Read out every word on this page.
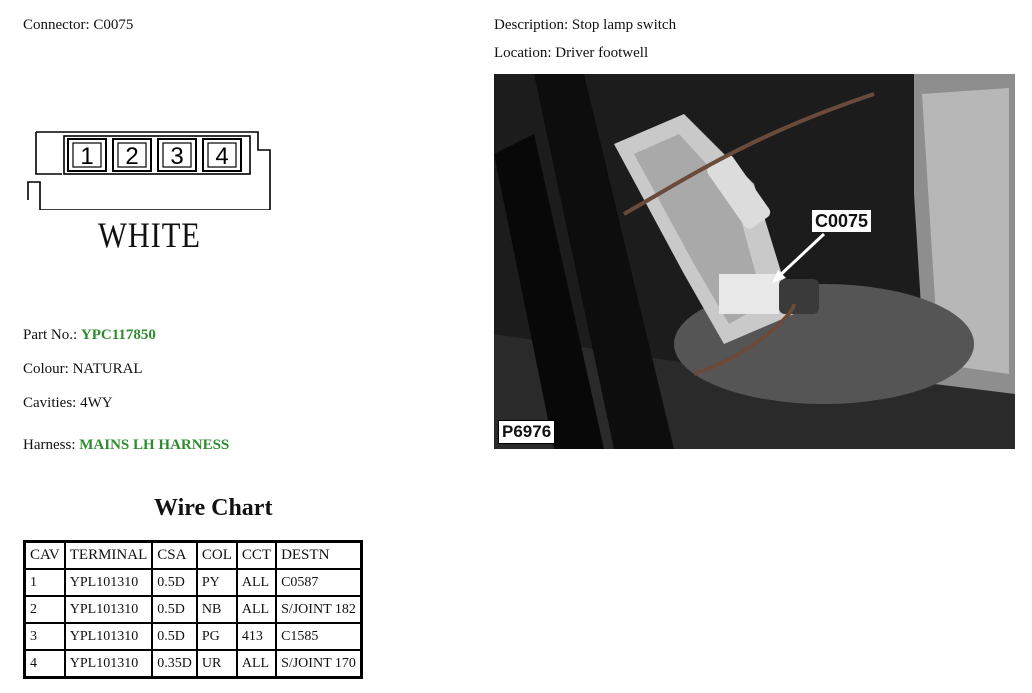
Connector: C0075	Description: Stop lamp switch
Location: Driver footwell
1 2 3 4
WHITE
Part No.: YPC117850
Colour: NATURAL
Cavities: 4WY
Harness: MAINS LH HARNESS
C0075
P6976
Wire Chart
CAV	TERMINAL	CSA	COL	CCT	DESTN
1	YPL101310	0.5D	PY	ALL	C0587
2	YPL101310	0.5D	NB	ALL	S/JOINT 182
3	YPL101310	0.5D	PG	413	C1585
4	YPL101310	0.35D	UR	ALL	S/JOINT 170
